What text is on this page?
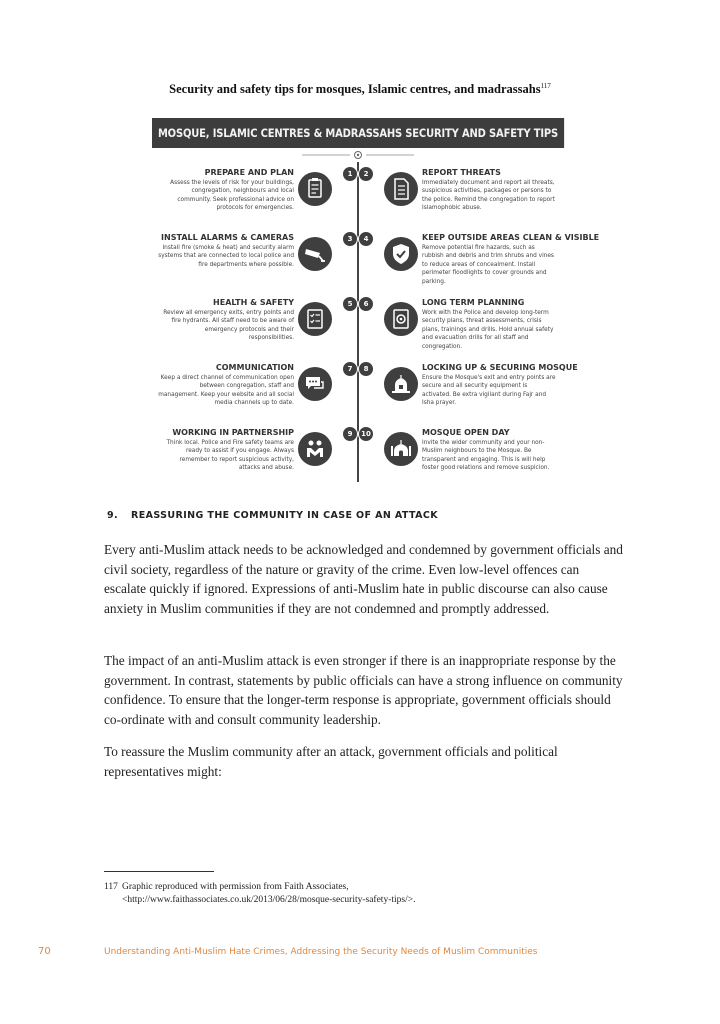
Security and safety tips for mosques, Islamic centres, and madrassahs$^{117}$
MOSQUE, ISLAMIC CENTRES & MADRASSAHS SECURITY AND SAFETY TIPS
1
PREPARE AND PLAN
Assess the levels of risk for your buildings, congregation, neighbours and local community. Seek professional advice on protocols for emergencies.
2	REPORT THREATS
Immediately document and report all threats, suspicious activities, packages or persons to the police. Remind the congregation to report Islamophobic abuse.
3
INSTALL ALARMS & CAMERAS
Install fire (smoke & heat) and security alarm systems that are connected to local police and fire departments where possible.
4	KEEP OUTSIDE AREAS CLEAN & VISIBLE
Remove potential fire hazards, such as rubbish and debris and trim shrubs and vines to reduce areas of concealment. Install perimeter floodlights to cover grounds and parking.
5
HEALTH & SAFETY
Review all emergency exits, entry points and fire hydrants. All staff need to be aware of emergency protocols and their responsibilities.
6	LONG TERM PLANNING
Work with the Police and develop long-term security plans, threat assessments, crisis plans, trainings and drills. Hold annual safety and evacuation drills for all staff and congregation.
7
COMMUNICATION
Keep a direct channel of communication open between congregation, staff and management. Keep your website and all social media channels up to date.
8	LOCKING UP & SECURING MOSQUE
Ensure the Mosque's exit and entry points are secure and all security equipment is activated. Be extra vigilant during Fajr and Isha prayer.
9
WORKING IN PARTNERSHIP
Think local. Police and Fire safety teams are ready to assist if you engage. Always remember to report suspicious activity, attacks and abuse.
10	MOSQUE OPEN DAY
Invite the wider community and your non-Muslim neighbours to the Mosque. Be transparent and engaging. This is will help foster good relations and remove suspicion.
9. REASSURING THE COMMUNITY IN CASE OF AN ATTACK

Every anti-Muslim attack needs to be acknowledged and condemned by government officials and civil society, regardless of the nature or gravity of the crime. Even low-level offences can escalate quickly if ignored. Expressions of anti-Muslim hate in public discourse can also cause anxiety in Muslim communities if they are not condemned and promptly addressed.

The impact of an anti-Muslim attack is even stronger if there is an inappropriate response by the government. In contrast, statements by public officials can have a strong influence on community confidence. To ensure that the longer-term response is appropriate, government officials should co-ordinate with and consult community leadership.

To reassure the Muslim community after an attack, government officials and political representatives might:

117 Graphic reproduced with permission from Faith Associates,
<http://www.faithassociates.co.uk/2013/06/28/mosque-security-safety-tips/>.
70	Understanding Anti-Muslim Hate Crimes, Addressing the Security Needs of Muslim Communities
